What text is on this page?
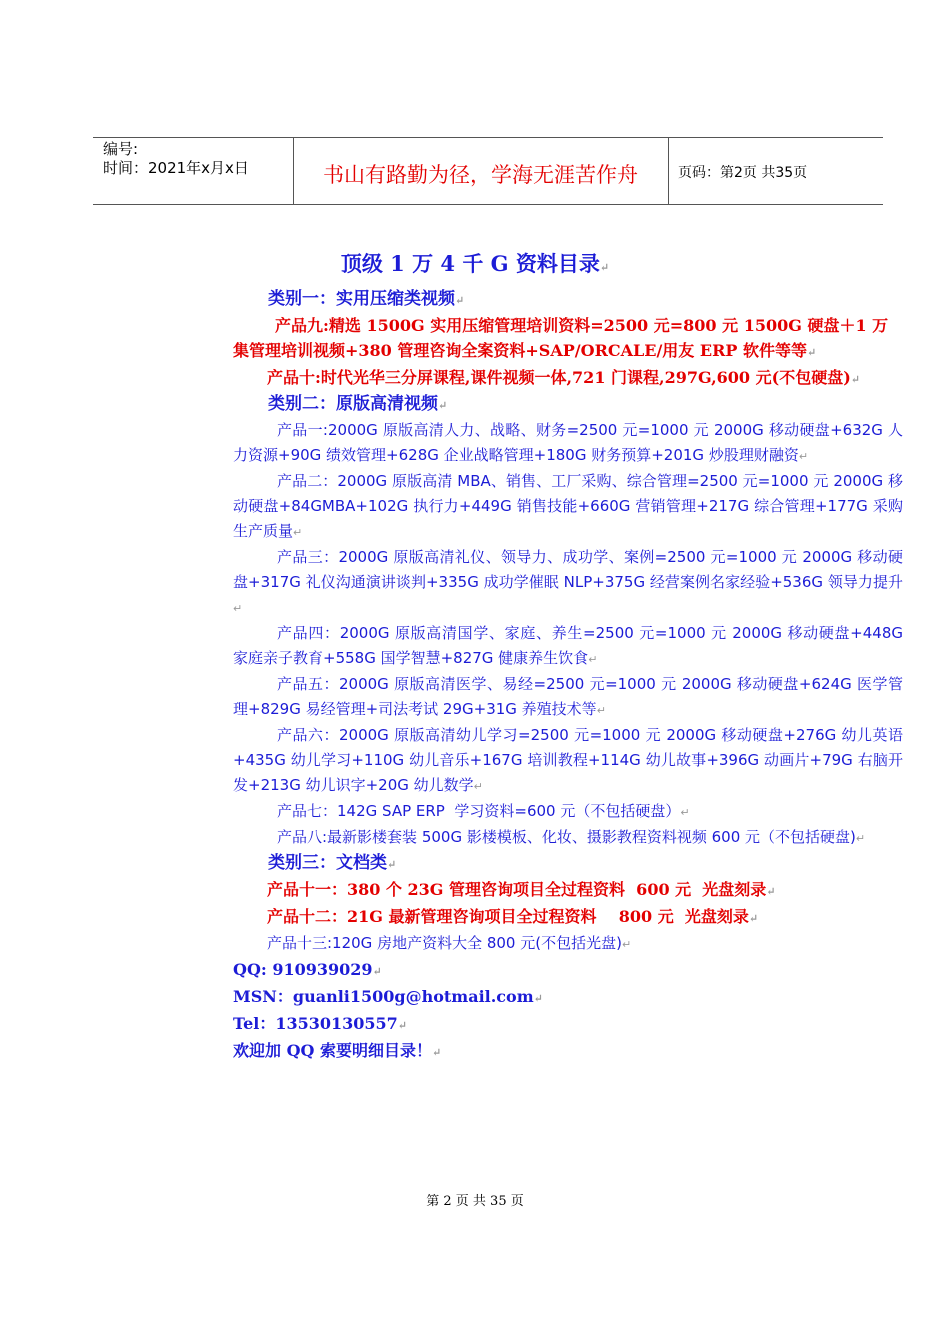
编号:
时间：2021年x月x日	书山有路勤为径，学海无涯苦作舟	页码：第2页 共35页
顶级 1 万 4 千 G 资料目录↵
类别一：实用压缩类视频↵
产品九:精选 1500G 实用压缩管理培训资料=2500 元=800 元 1500G 硬盘＋1 万集管理培训视频+380 管理咨询全案资料+SAP/ORCALE/用友 ERP 软件等等↵
产品十:时代光华三分屏课程,课件视频一体,721 门课程,297G,600 元(不包硬盘)↵
类别二：原版高清视频↵
产品一:2000G 原版高清人力、战略、财务=2500 元=1000 元 2000G 移动硬盘+632G 人力资源+90G 绩效管理+628G 企业战略管理+180G 财务预算+201G 炒股理财融资↵
产品二：2000G 原版高清 MBA、销售、工厂采购、综合管理=2500 元=1000 元 2000G 移动硬盘+84GMBA+102G 执行力+449G 销售技能+660G 营销管理+217G 综合管理+177G 采购生产质量↵
产品三：2000G 原版高清礼仪、领导力、成功学、案例=2500 元=1000 元 2000G 移动硬盘+317G 礼仪沟通演讲谈判+335G 成功学催眠 NLP+375G 经营案例名家经验+536G 领导力提升↵
产品四：2000G 原版高清国学、家庭、养生=2500 元=1000 元 2000G 移动硬盘+448G 家庭亲子教育+558G 国学智慧+827G 健康养生饮食↵
产品五：2000G 原版高清医学、易经=2500 元=1000 元 2000G 移动硬盘+624G 医学管理+829G 易经管理+司法考试 29G+31G 养殖技术等↵
产品六：2000G 原版高清幼儿学习=2500 元=1000 元 2000G 移动硬盘+276G 幼儿英语+435G 幼儿学习+110G 幼儿音乐+167G 培训教程+114G 幼儿故事+396G 动画片+79G 右脑开发+213G 幼儿识字+20G 幼儿数学↵
产品七：142G SAP ERP  学习资料=600 元（不包括硬盘）↵
产品八:最新影楼套装 500G 影楼模板、化妆、摄影教程资料视频 600 元（不包括硬盘)↵
类别三：文档类↵
产品十一：380 个 23G 管理咨询项目全过程资料  600 元  光盘刻录↵
产品十二：21G 最新管理咨询项目全过程资料    800 元  光盘刻录↵
产品十三:120G 房地产资料大全 800 元(不包括光盘)↵
QQ: 910939029↵
MSN：guanli1500g@hotmail.com↵
Tel：13530130557↵
欢迎加 QQ 索要明细目录！↵
第 2 页 共 35 页
